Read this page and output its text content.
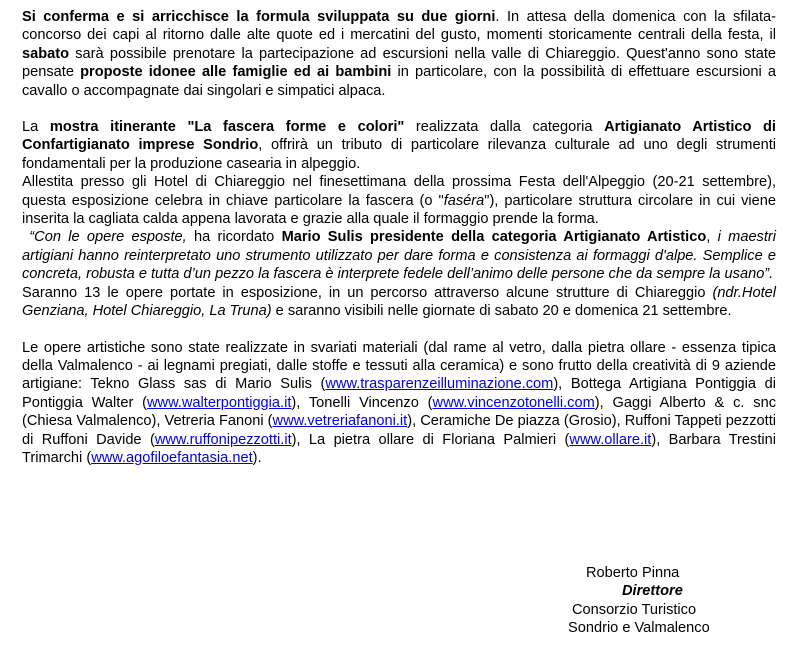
Si conferma e si arricchisce la formula sviluppata su due giorni. In attesa della domenica con la sfilata-concorso dei capi al ritorno dalle alte quote ed i mercatini del gusto, momenti storicamente centrali della festa, il sabato sarà possibile prenotare la partecipazione ad escursioni nella valle di Chiareggio. Quest'anno sono state pensate proposte idonee alle famiglie ed ai bambini in particolare, con la possibilità di effettuare escursioni a cavallo o accompagnate dai singolari e simpatici alpaca.

La mostra itinerante "La fascera forme e colori" realizzata dalla categoria Artigianato Artistico di Confartigianato imprese Sondrio, offrirà un tributo di particolare rilevanza culturale ad uno degli strumenti fondamentali per la produzione casearia in alpeggio.

Allestita presso gli Hotel di Chiareggio nel finesettimana della prossima Festa dell'Alpeggio (20-21 settembre), questa esposizione celebra in chiave particolare la fascera (o "faséra"), particolare struttura circolare in cui viene inserita la cagliata calda appena lavorata e grazie alla quale il formaggio prende la forma.

“Con le opere esposte, ha ricordato Mario Sulis presidente della categoria Artigianato Artistico, i maestri artigiani hanno reinterpretato uno strumento utilizzato per dare forma e consistenza ai formaggi d'alpe. Semplice e concreta, robusta e tutta d’un pezzo la fascera è interprete fedele dell’animo delle persone che da sempre la usano”.

Saranno 13 le opere portate in esposizione, in un percorso attraverso alcune strutture di Chiareggio (ndr.Hotel Genziana, Hotel Chiareggio, La Truna) e saranno visibili nelle giornate di sabato 20 e domenica 21 settembre.

Le opere artistiche sono state realizzate in svariati materiali (dal rame al vetro, dalla pietra ollare - essenza tipica della Valmalenco - ai legnami pregiati, dalle stoffe e tessuti alla ceramica) e sono frutto della creatività di 9 aziende artigiane: Tekno Glass sas di Mario Sulis (www.trasparenzeilluminazione.com), Bottega Artigiana Pontiggia di Pontiggia Walter (www.walterpontiggia.it), Tonelli Vincenzo (www.vincenzotonelli.com), Gaggi Alberto & c. snc (Chiesa Valmalenco), Vetreria Fanoni (www.vetreriafanoni.it), Ceramiche De piazza (Grosio), Ruffoni Tappeti pezzotti di Ruffoni Davide (www.ruffonipezzotti.it), La pietra ollare di Floriana Palmieri (www.ollare.it), Barbara Trestini Trimarchi (www.agofiloefantasia.net).

Roberto Pinna
Direttore
Consorzio Turistico
Sondrio e Valmalenco
